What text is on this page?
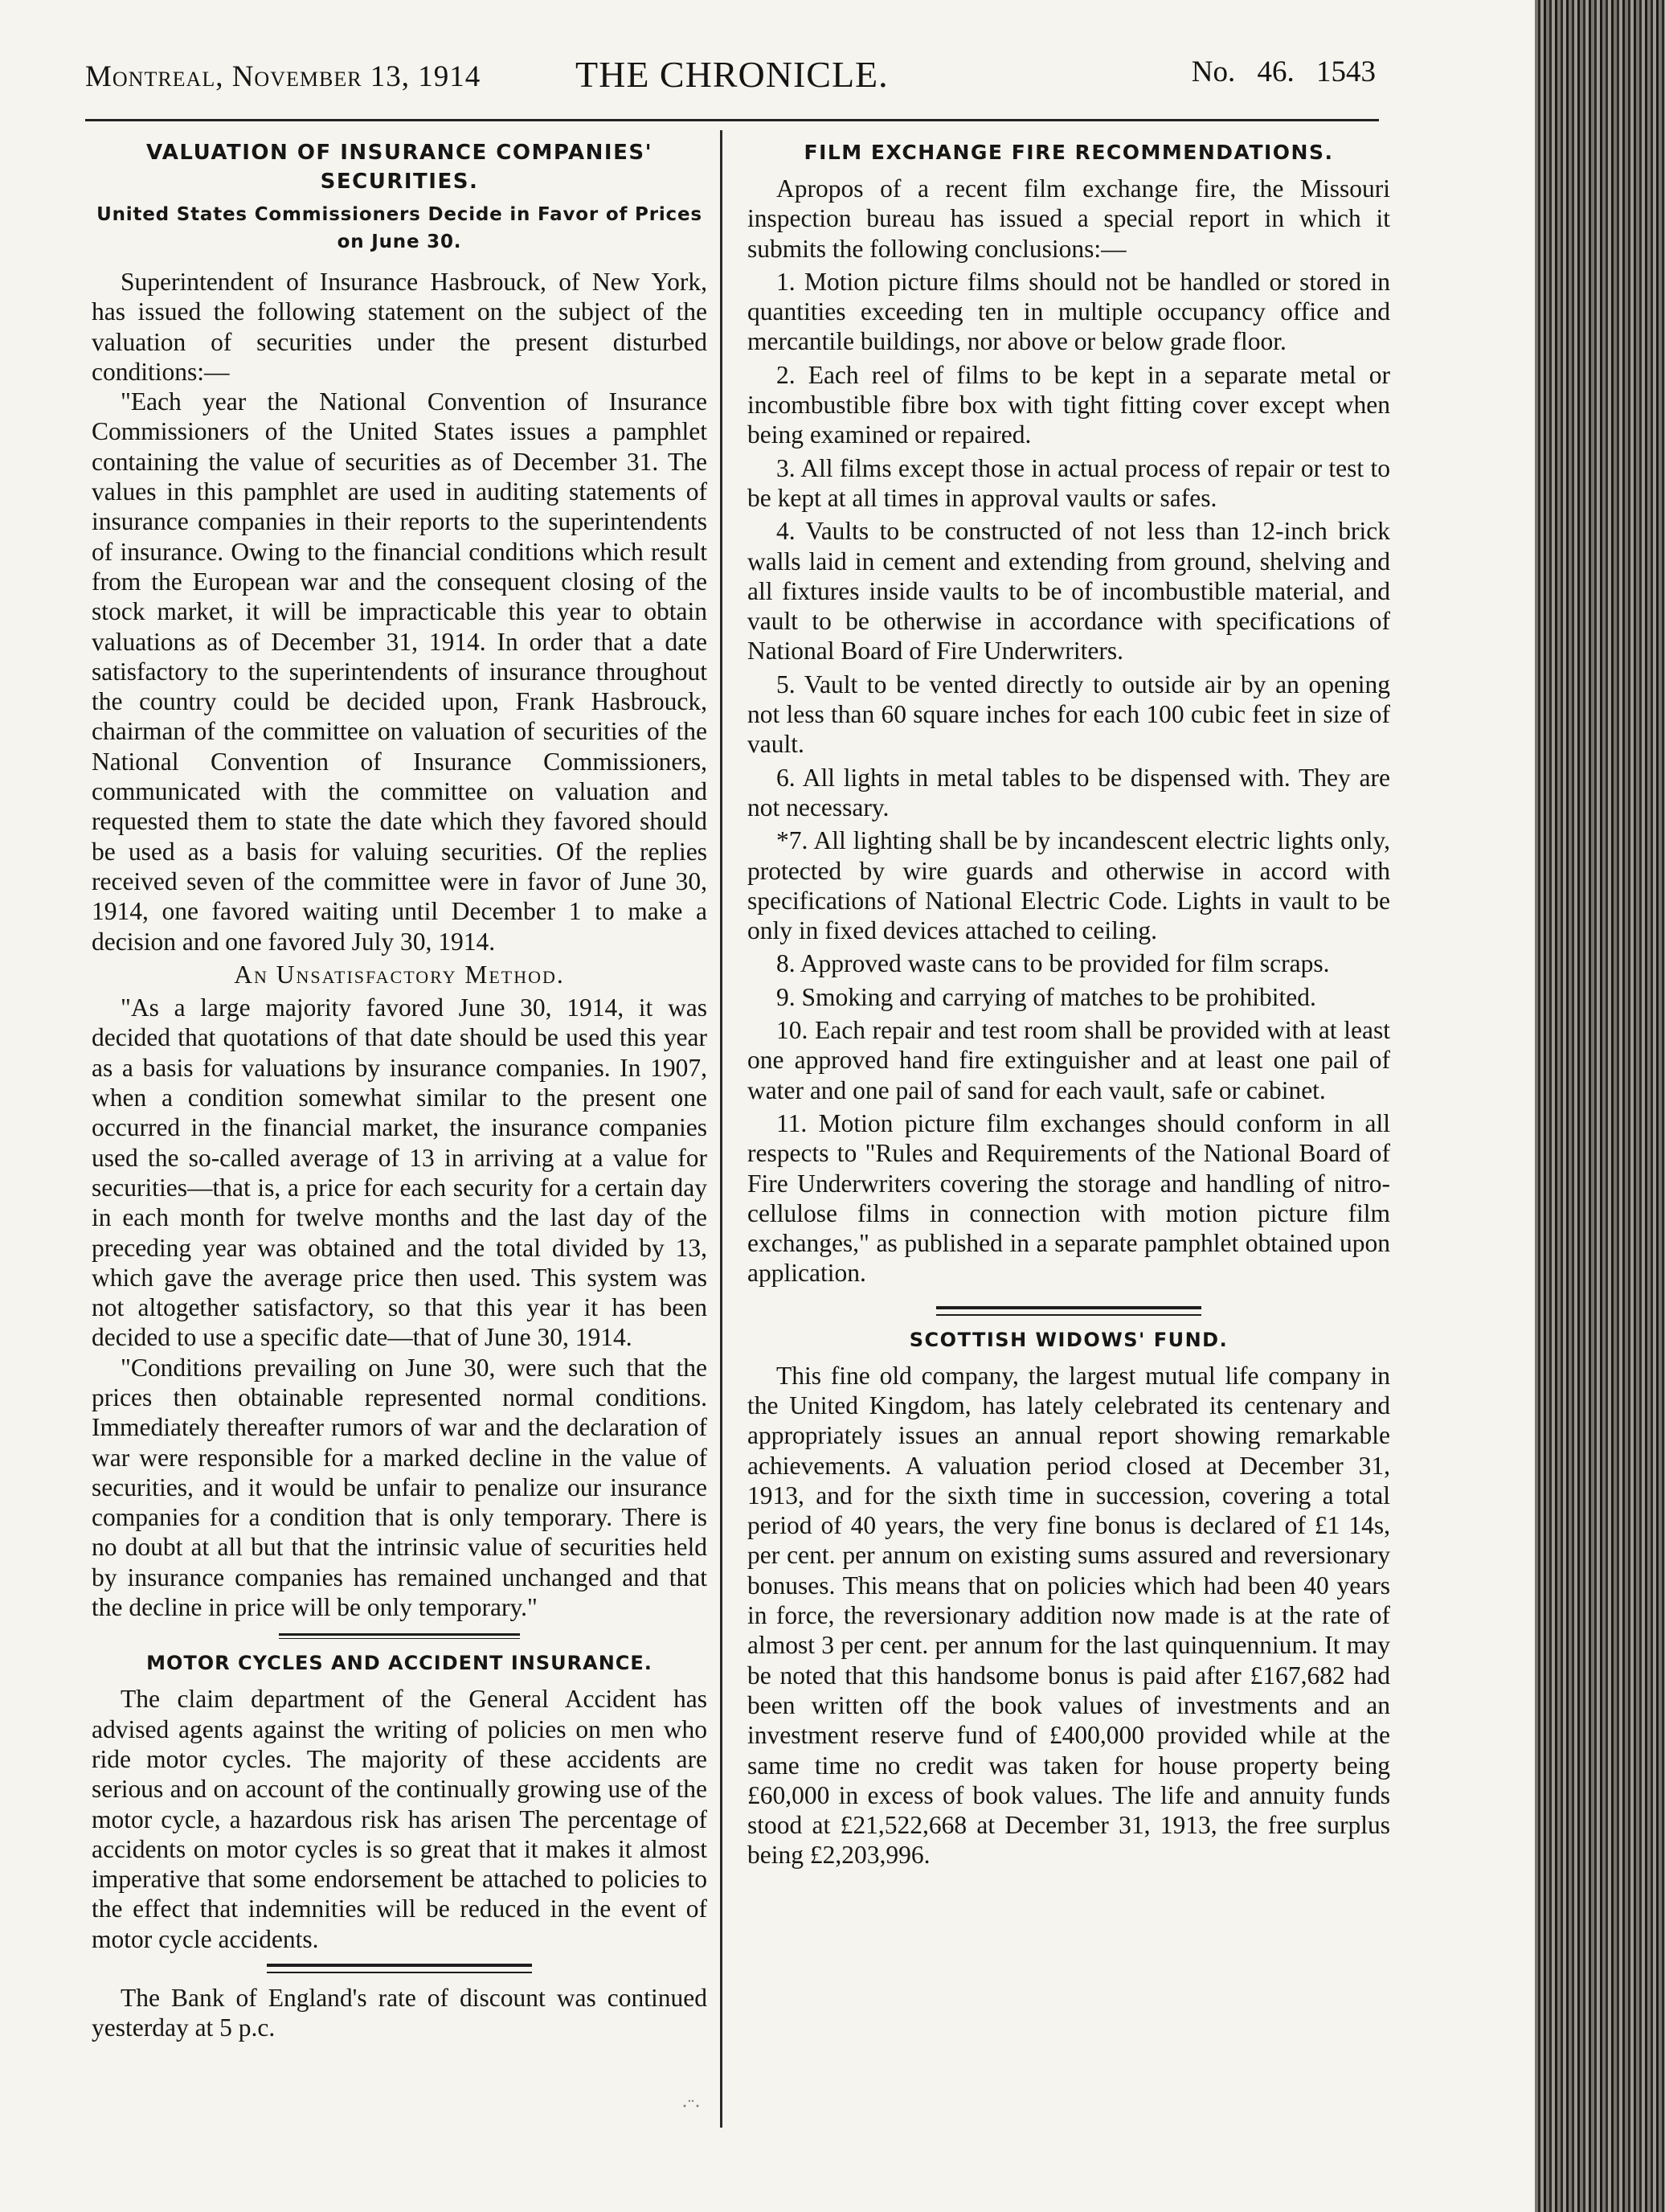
Montreal, November 13, 1914	THE CHRONICLE.	No. 46. 1543

VALUATION OF INSURANCE COMPANIES' SECURITIES.

United States Commissioners Decide in Favor of Prices on June 30.

Superintendent of Insurance Hasbrouck, of New York, has issued the following statement on the subject of the valuation of securities under the present disturbed conditions:—

"Each year the National Convention of Insurance Commissioners of the United States issues a pamphlet containing the value of securities as of December 31. The values in this pamphlet are used in auditing statements of insurance companies in their reports to the superintendents of insurance. Owing to the financial conditions which result from the European war and the consequent closing of the stock market, it will be impracticable this year to obtain valuations as of December 31, 1914. In order that a date satisfactory to the superintendents of insurance throughout the country could be decided upon, Frank Hasbrouck, chairman of the committee on valuation of securities of the National Convention of Insurance Commissioners, communicated with the committee on valuation and requested them to state the date which they favored should be used as a basis for valuing securities. Of the replies received seven of the committee were in favor of June 30, 1914, one favored waiting until December 1 to make a decision and one favored July 30, 1914.

An Unsatisfactory Method.

"As a large majority favored June 30, 1914, it was decided that quotations of that date should be used this year as a basis for valuations by insurance companies. In 1907, when a condition somewhat similar to the present one occurred in the financial market, the insurance companies used the so-called average of 13 in arriving at a value for securities—that is, a price for each security for a certain day in each month for twelve months and the last day of the preceding year was obtained and the total divided by 13, which gave the average price then used. This system was not altogether satisfactory, so that this year it has been decided to use a specific date—that of June 30, 1914.

"Conditions prevailing on June 30, were such that the prices then obtainable represented normal conditions. Immediately thereafter rumors of war and the declaration of war were responsible for a marked decline in the value of securities, and it would be unfair to penalize our insurance companies for a condition that is only temporary. There is no doubt at all but that the intrinsic value of securities held by insurance companies has remained unchanged and that the decline in price will be only temporary."

MOTOR CYCLES AND ACCIDENT INSURANCE.

The claim department of the General Accident has advised agents against the writing of policies on men who ride motor cycles. The majority of these accidents are serious and on account of the continually growing use of the motor cycle, a hazardous risk has arisen The percentage of accidents on motor cycles is so great that it makes it almost imperative that some endorsement be attached to policies to the effect that indemnities will be reduced in the event of motor cycle accidents.

The Bank of England's rate of discount was continued yesterday at 5 p.c.

FILM EXCHANGE FIRE RECOMMENDATIONS.

Apropos of a recent film exchange fire, the Missouri inspection bureau has issued a special report in which it submits the following conclusions:—

1. Motion picture films should not be handled or stored in quantities exceeding ten in multiple occupancy office and mercantile buildings, nor above or below grade floor.

2. Each reel of films to be kept in a separate metal or incombustible fibre box with tight fitting cover except when being examined or repaired.

3. All films except those in actual process of repair or test to be kept at all times in approval vaults or safes.

4. Vaults to be constructed of not less than 12-inch brick walls laid in cement and extending from ground, shelving and all fixtures inside vaults to be of incombustible material, and vault to be otherwise in accordance with specifications of National Board of Fire Underwriters.

5. Vault to be vented directly to outside air by an opening not less than 60 square inches for each 100 cubic feet in size of vault.

6. All lights in metal tables to be dispensed with. They are not necessary.

*7. All lighting shall be by incandescent electric lights only, protected by wire guards and otherwise in accord with specifications of National Electric Code. Lights in vault to be only in fixed devices attached to ceiling.

8. Approved waste cans to be provided for film scraps.

9. Smoking and carrying of matches to be prohibited.

10. Each repair and test room shall be provided with at least one approved hand fire extinguisher and at least one pail of water and one pail of sand for each vault, safe or cabinet.

11. Motion picture film exchanges should conform in all respects to "Rules and Requirements of the National Board of Fire Underwriters covering the storage and handling of nitro-cellulose films in connection with motion picture film exchanges," as published in a separate pamphlet obtained upon application.

SCOTTISH WIDOWS' FUND.

This fine old company, the largest mutual life company in the United Kingdom, has lately celebrated its centenary and appropriately issues an annual report showing remarkable achievements. A valuation period closed at December 31, 1913, and for the sixth time in succession, covering a total period of 40 years, the very fine bonus is declared of £1 14s, per cent. per annum on existing sums assured and reversionary bonuses. This means that on policies which had been 40 years in force, the reversionary addition now made is at the rate of almost 3 per cent. per annum for the last quinquennium. It may be noted that this handsome bonus is paid after £167,682 had been written off the book values of investments and an investment reserve fund of £400,000 provided while at the same time no credit was taken for house property being £60,000 in excess of book values. The life and annuity funds stood at £21,522,668 at December 31, 1913, the free surplus being £2,203,996.

·¨·
